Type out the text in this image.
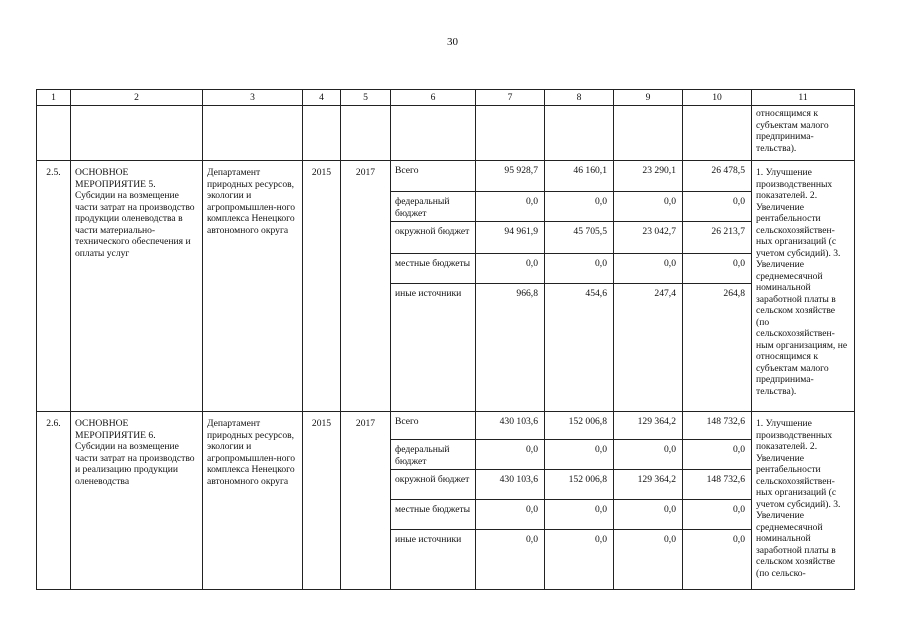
30
1	2	3	4	5	6	7	8	9	10	11
										относящимся к субъектам малого предпринима-тельства).
2.5.	ОСНОВНОЕ МЕРОПРИЯТИЕ 5. Субсидии на возмещение части затрат на производство продукции оленеводства в части материально-технического обеспечения и оплаты услуг	Департамент природных ресурсов, экологии и агропромышлен-ного комплекса Ненецкого автономного округа	2015	2017	Всего	95 928,7	46 160,1	23 290,1	26 478,5	1. Улучшение производственных показателей. 2. Увеличение рентабельности сельскохозяйствен-ных организаций (с учетом субсидий). 3. Увеличение среднемесячной номинальной заработной платы в сельском хозяйстве (по сельскохозяйствен-ным организациям, не относящимся к субъектам малого предпринима-тельства).
					федеральный бюджет	0,0	0,0	0,0	0,0	
					окружной бюджет	94 961,9	45 705,5	23 042,7	26 213,7	
					местные бюджеты	0,0	0,0	0,0	0,0	
					иные источники	966,8	454,6	247,4	264,8	
2.6.	ОСНОВНОЕ МЕРОПРИЯТИЕ 6. Субсидии на возмещение части затрат на производство и реализацию продукции оленеводства	Департамент природных ресурсов, экологии и агропромышлен-ного комплекса Ненецкого автономного округа	2015	2017	Всего	430 103,6	152 006,8	129 364,2	148 732,6	1. Улучшение производственных показателей. 2. Увеличение рентабельности сельскохозяйствен-ных организаций (с учетом субсидий). 3. Увеличение среднемесячной номинальной заработной платы в сельском хозяйстве (по сельско-
					федеральный бюджет	0,0	0,0	0,0	0,0	
					окружной бюджет	430 103,6	152 006,8	129 364,2	148 732,6	
					местные бюджеты	0,0	0,0	0,0	0,0	
					иные источники	0,0	0,0	0,0	0,0	
